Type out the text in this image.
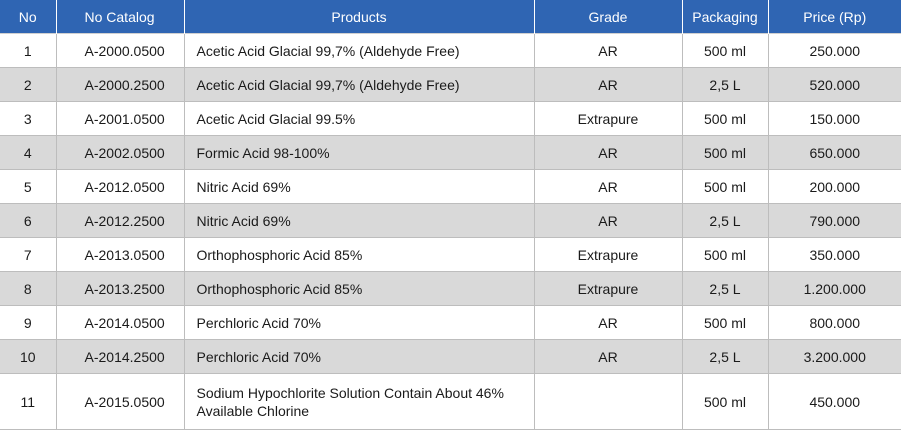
No	No Catalog	Products	Grade	Packaging	Price (Rp)
1	A-2000.0500	Acetic Acid Glacial 99,7% (Aldehyde Free)	AR	500 ml	250.000
2	A-2000.2500	Acetic Acid Glacial 99,7% (Aldehyde Free)	AR	2,5 L	520.000
3	A-2001.0500	Acetic Acid Glacial 99.5%	Extrapure	500 ml	150.000
4	A-2002.0500	Formic Acid 98-100%	AR	500 ml	650.000
5	A-2012.0500	Nitric Acid 69%	AR	500 ml	200.000
6	A-2012.2500	Nitric Acid 69%	AR	2,5 L	790.000
7	A-2013.0500	Orthophosphoric Acid 85%	Extrapure	500 ml	350.000
8	A-2013.2500	Orthophosphoric Acid 85%	Extrapure	2,5 L	1.200.000
9	A-2014.0500	Perchloric Acid 70%	AR	500 ml	800.000
10	A-2014.2500	Perchloric Acid 70%	AR	2,5 L	3.200.000
11	A-2015.0500	Sodium Hypochlorite Solution Contain About 46% Available Chlorine		500 ml	450.000
